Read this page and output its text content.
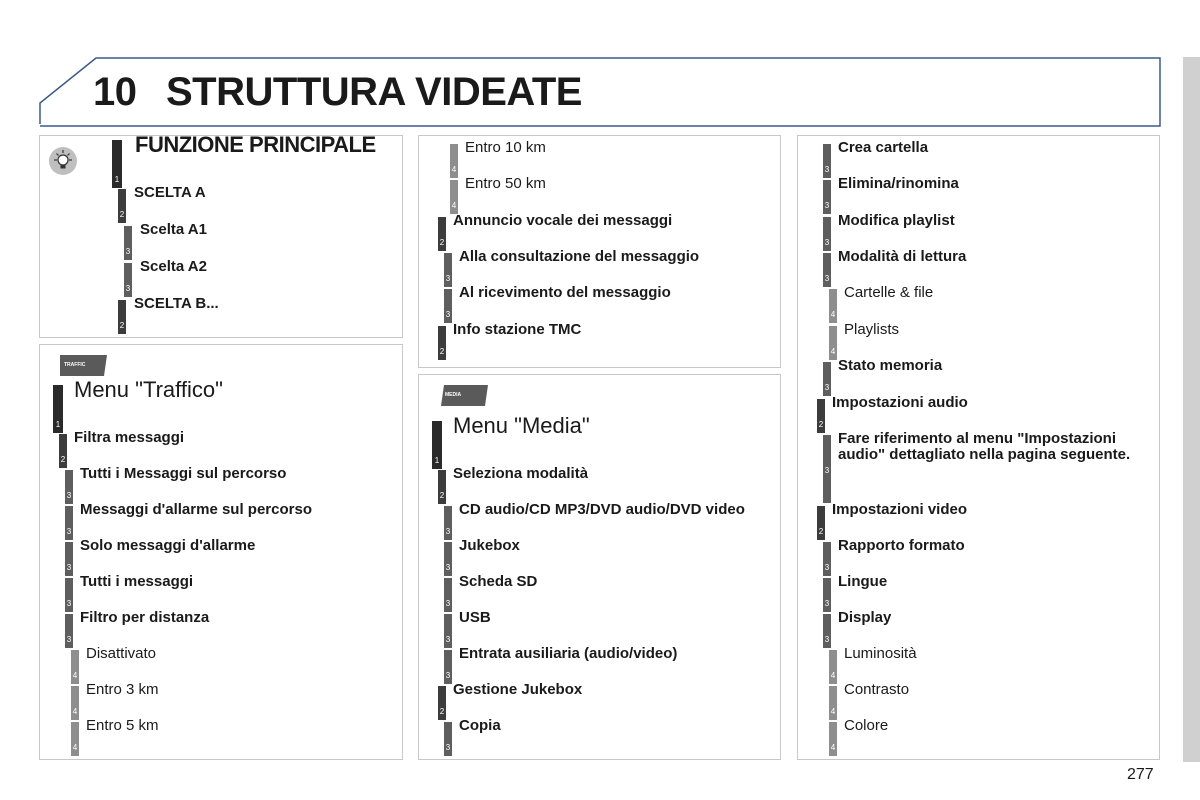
10 STRUTTURA VIDEATE
1
FUNZIONE PRINCIPALE
2
SCELTA A
3
Scelta A1
3
Scelta A2
2
SCELTA B...
TRAFFIC
1
Menu "Traffico"
2
Filtra messaggi
3
Tutti i Messaggi sul percorso
3
Messaggi d'allarme sul percorso
3
Solo messaggi d'allarme
3
Tutti i messaggi
3
Filtro per distanza
4
Disattivato
4
Entro 3 km
4
Entro 5 km
4
Entro 10 km
4
Entro 50 km
2
Annuncio vocale dei messaggi
3
Alla consultazione del messaggio
3
Al ricevimento del messaggio
2
Info stazione TMC
MEDIA
1
Menu "Media"
2
Seleziona modalità
3
CD audio/CD MP3/DVD audio/DVD video
3
Jukebox
3
Scheda SD
3
USB
3
Entrata ausiliaria (audio/video)
2
Gestione Jukebox
3
Copia
3
Crea cartella
3
Elimina/rinomina
3
Modifica playlist
3
Modalità di lettura
4
Cartelle & file
4
Playlists
3
Stato memoria
2
Impostazioni audio
3
Fare riferimento al menu "Impostazioni
audio" dettagliato nella pagina seguente.
2
Impostazioni video
3
Rapporto formato
3
Lingue
3
Display
4
Luminosità
4
Contrasto
4
Colore
277
